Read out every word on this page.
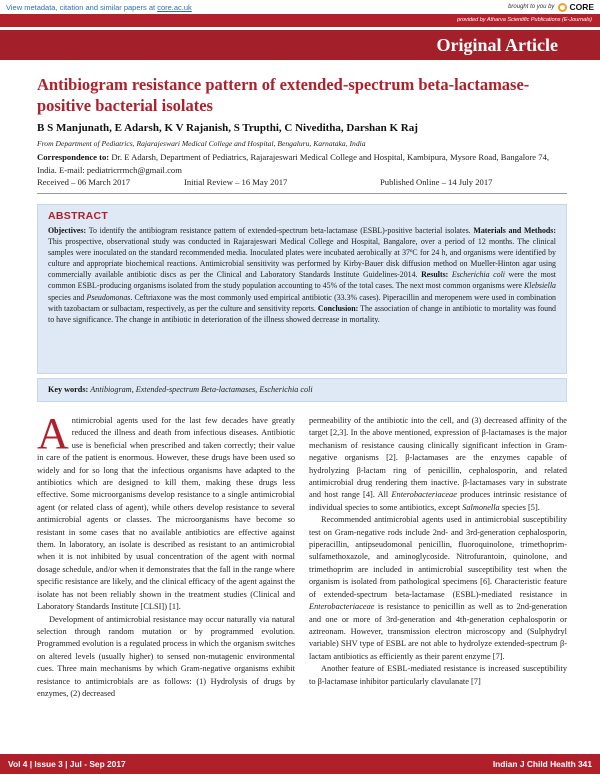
View metadata, citation and similar papers at core.ac.uk	brought to you by CORE
provided by Atharva Scientific Publications (E-Journals)
Original Article
Antibiogram resistance pattern of extended-spectrum beta-lactamase-positive bacterial isolates
B S Manjunath, E Adarsh, K V Rajanish, S Trupthi, C Niveditha, Darshan K Raj
From Department of Pediatrics, Rajarajeswari Medical College and Hospital, Bengaluru, Karnataka, India
Correspondence to: Dr. E Adarsh, Department of Pediatrics, Rajarajeswari Medical College and Hospital, Kambipura, Mysore Road, Bangalore 74, India. E-mail: pediatricrrmch@gmail.com
Received – 06 March 2017	Initial Review – 16 May 2017	Published Online – 14 July 2017
ABSTRACT
Objectives: To identify the antibiogram resistance pattern of extended-spectrum beta-lactamase (ESBL)-positive bacterial isolates. Materials and Methods: This prospective, observational study was conducted in Rajarajeswari Medical College and Hospital, Bangalore, over a period of 12 months. The clinical samples were inoculated on the standard recommended media. Inoculated plates were incubated aerobically at 37ºC for 24 h, and organisms were identified by culture and appropriate biochemical reactions. Antimicrobial sensitivity was performed by Kirby-Bauer disk diffusion method on Mueller-Hinton agar using commercially available antibiotic discs as per the Clinical and Laboratory Standards Institute Guidelines-2014. Results: Escherichia coli were the most common ESBL-producing organisms isolated from the study population accounting to 45% of the total cases. The next most common organisms were Klebsiella species and Pseudomonas. Ceftriaxone was the most commonly used empirical antibiotic (33.3% cases). Piperacillin and meropenem were used in combination with tazobactam or sulbactam, respectively, as per the culture and sensitivity reports. Conclusion: The association of change in antibiotic to mortality was found to have significance. The change in antibiotic in deterioration of the illness showed decrease in mortality.
Key words: Antibiogram, Extended-spectrum Beta-lactamases, Escherichia coli

Antimicrobial agents used for the last few decades have greatly reduced the illness and death from infectious diseases. Antibiotic use is beneficial when prescribed and taken correctly; their value in care of the patient is enormous. However, these drugs have been used so widely and for so long that the infectious organisms have adapted to the antibiotics which are designed to kill them, making these drugs less effective. Some microorganisms develop resistance to a single antimicrobial agent (or related class of agent), while others develop resistance to several antimicrobial agents or classes. The microorganisms have become so resistant in some cases that no available antibiotics are effective against them. In laboratory, an isolate is described as resistant to an antimicrobial when it is not inhibited by usual concentration of the agent with normal dosage schedule, and/or when it demonstrates that the fall in the range where specific resistance are likely, and the clinical efficacy of the agent against the isolate has not been reliably shown in the treatment studies (Clinical and Laboratory Standards Institute [CLSI]) [1].

Development of antimicrobial resistance may occur naturally via natural selection through random mutation or by programmed evolution. Programmed evolution is a regulated process in which the organism switches on altered levels (usually higher) to sensed non-mutagenic environmental cues. Three main mechanisms by which Gram-negative organisms exhibit resistance to antimicrobials are as follows: (1) Hydrolysis of drugs by enzymes, (2) decreased

permeability of the antibiotic into the cell, and (3) decreased affinity of the target [2,3]. In the above mentioned, expression of β-lactamases is the major mechanism of resistance causing clinically significant infection in Gram-negative organisms [2]. β-lactamases are the enzymes capable of hydrolyzing β-lactam ring of penicillin, cephalosporin, and related antimicrobial drug rendering them inactive. β-lactamases vary in substrate and host range [4]. All Enterobacteriaceae produces intrinsic resistance of individual species to some antibiotics, except Salmonella species [5].

Recommended antimicrobial agents used in antimicrobial susceptibility test on Gram-negative rods include 2nd- and 3rd-generation cephalosporin, piperacillin, antipseudomonal penicillin, fluoroquinolone, trimethoprim-sulfamethoxazole, and aminoglycoside. Nitrofurantoin, quinolone, and trimethoprim are included in antimicrobial susceptibility test when the organism is isolated from pathological specimens [6]. Characteristic feature of extended-spectrum beta-lactamase (ESBL)-mediated resistance in Enterobacteriaceae is resistance to penicillin as well as to 2nd-generation and one or more of 3rd-generation and 4th-generation cephalosporin or aztreonam. However, transmission electron microscopy and (Sulphydryl variable) SHV type of ESBL are not able to hydrolyze extended-spectrum β-lactam antibiotics as efficiently as their parent enzyme [7].

Another feature of ESBL-mediated resistance is increased susceptibility to β-lactamase inhibitor particularly clavulanate [7]

Vol 4 | Issue 3 | Jul - Sep 2017	Indian J Child Health 341
